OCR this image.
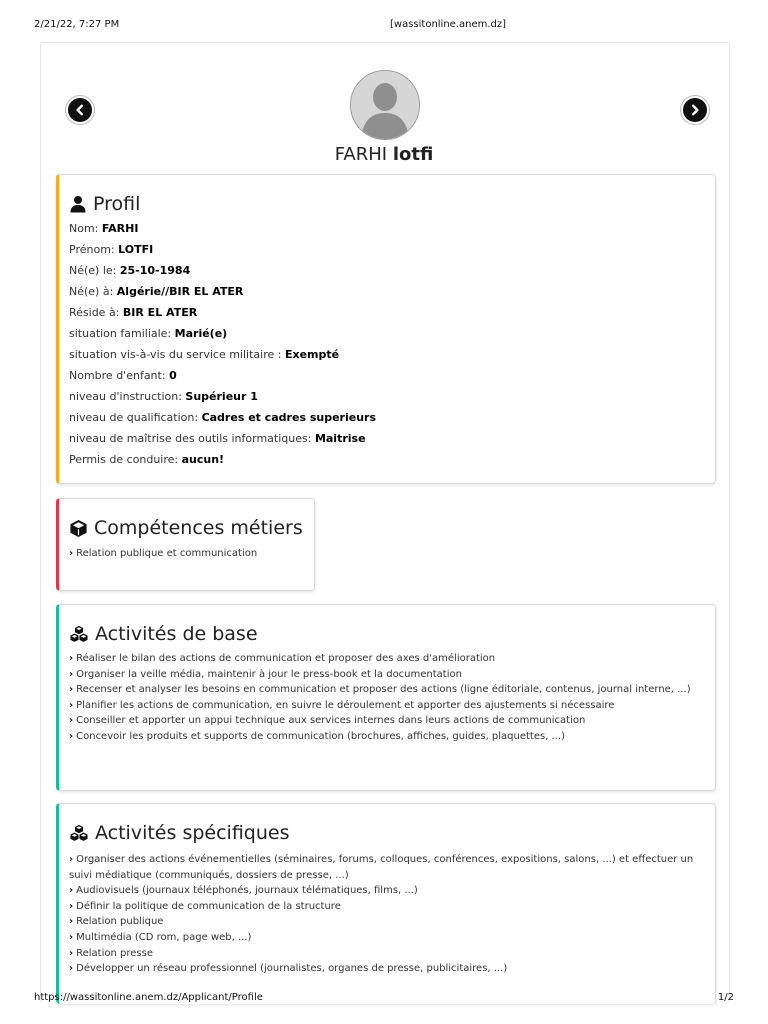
2/21/22, 7:27 PM	[wassitonline.anem.dz]
FARHI lotfi
Profil
Nom: FARHI
Prénom: LOTFI
Né(e) le: 25-10-1984
Né(e) à: Algérie//BIR EL ATER
Réside à: BIR EL ATER
situation familiale: Marié(e)
situation vis-à-vis du service militaire : Exempté
Nombre d'enfant: 0
niveau d'instruction: Supérieur 1
niveau de qualification: Cadres et cadres superieurs
niveau de maîtrise des outils informatiques: Maitrise
Permis de conduire: aucun!
Compétences métiers
› Relation publique et communication
Activités de base
› Réaliser le bilan des actions de communication et proposer des axes d'amélioration
› Organiser la veille média, maintenir à jour le press-book et la documentation
› Recenser et analyser les besoins en communication et proposer des actions (ligne éditoriale, contenus, journal interne, ...)
› Planifier les actions de communication, en suivre le déroulement et apporter des ajustements si nécessaire
› Conseiller et apporter un appui technique aux services internes dans leurs actions de communication
› Concevoir les produits et supports de communication (brochures, affiches, guides, plaquettes, ...)
Activités spécifiques
› Organiser des actions événementielles (séminaires, forums, colloques, conférences, expositions, salons, ...) et effectuer un suivi médiatique (communiqués, dossiers de presse, ...)
› Audiovisuels (journaux téléphonés, journaux télématiques, films, ...)
› Définir la politique de communication de la structure
› Relation publique
› Multimédia (CD rom, page web, ...)
› Relation presse
› Développer un réseau professionnel (journalistes, organes de presse, publicitaires, ...)
https://wassitonline.anem.dz/Applicant/Profile	1/2
